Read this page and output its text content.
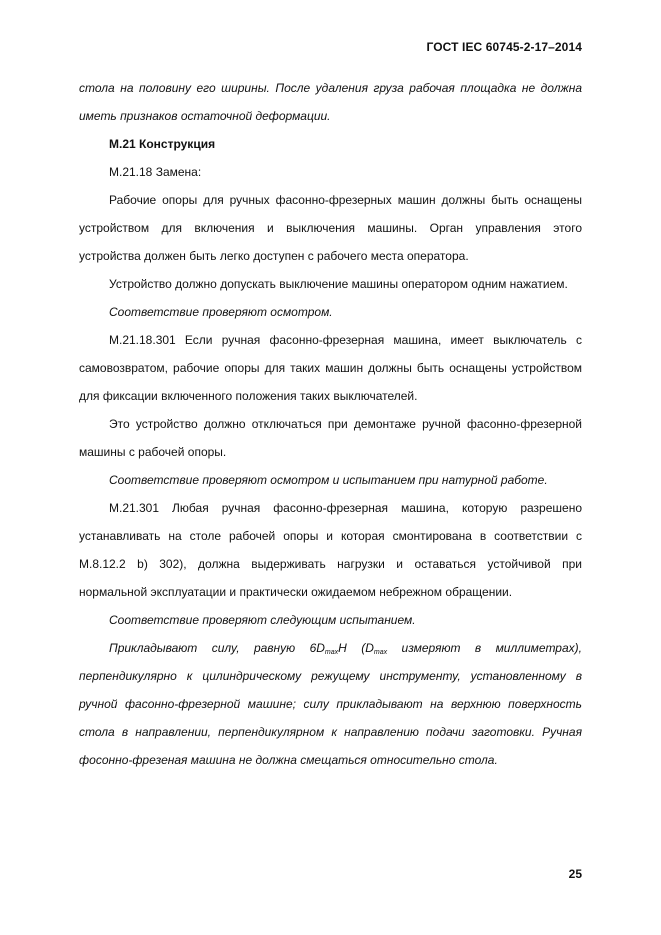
ГОСТ IEC 60745-2-17–2014
стола на половину его ширины. После удаления груза рабочая площадка не должна
иметь признаков остаточной деформации.
М.21 Конструкция
М.21.18 Замена:
Рабочие опоры для ручных фасонно-фрезерных машин должны быть оснащены
устройством для включения и выключения машины. Орган управления этого
устройства должен быть легко доступен с рабочего места оператора.
Устройство должно допускать выключение машины оператором одним нажатием.
Соответствие проверяют осмотром.
М.21.18.301 Если ручная фасонно-фрезерная машина, имеет выключатель с
самовозвратом, рабочие опоры для таких машин должны быть оснащены устройством
для фиксации включенного положения таких выключателей.
Это устройство должно отключаться при демонтаже ручной фасонно-фрезерной
машины с рабочей опоры.
Соответствие проверяют осмотром и испытанием при натурной работе.
М.21.301 Любая ручная фасонно-фрезерная машина, которую разрешено
устанавливать на столе рабочей опоры и которая смонтирована в соответствии с
М.8.12.2 b) 302), должна выдерживать нагрузки и оставаться устойчивой при
нормальной эксплуатации и практически ожидаемом небрежном обращении.
Соответствие проверяют следующим испытанием.
Прикладывают силу, равную $6D_{max}H$ ($D_{max}$ измеряют в миллиметрах),
перпендикулярно к цилиндрическому режущему инструменту, установленному в
ручной фасонно-фрезерной машине; силу прикладывают на верхнюю поверхность
стола в направлении, перпендикулярном к направлению подачи заготовки. Ручная
фосонно-фрезеная машина не должна смещаться относительно стола.
25
